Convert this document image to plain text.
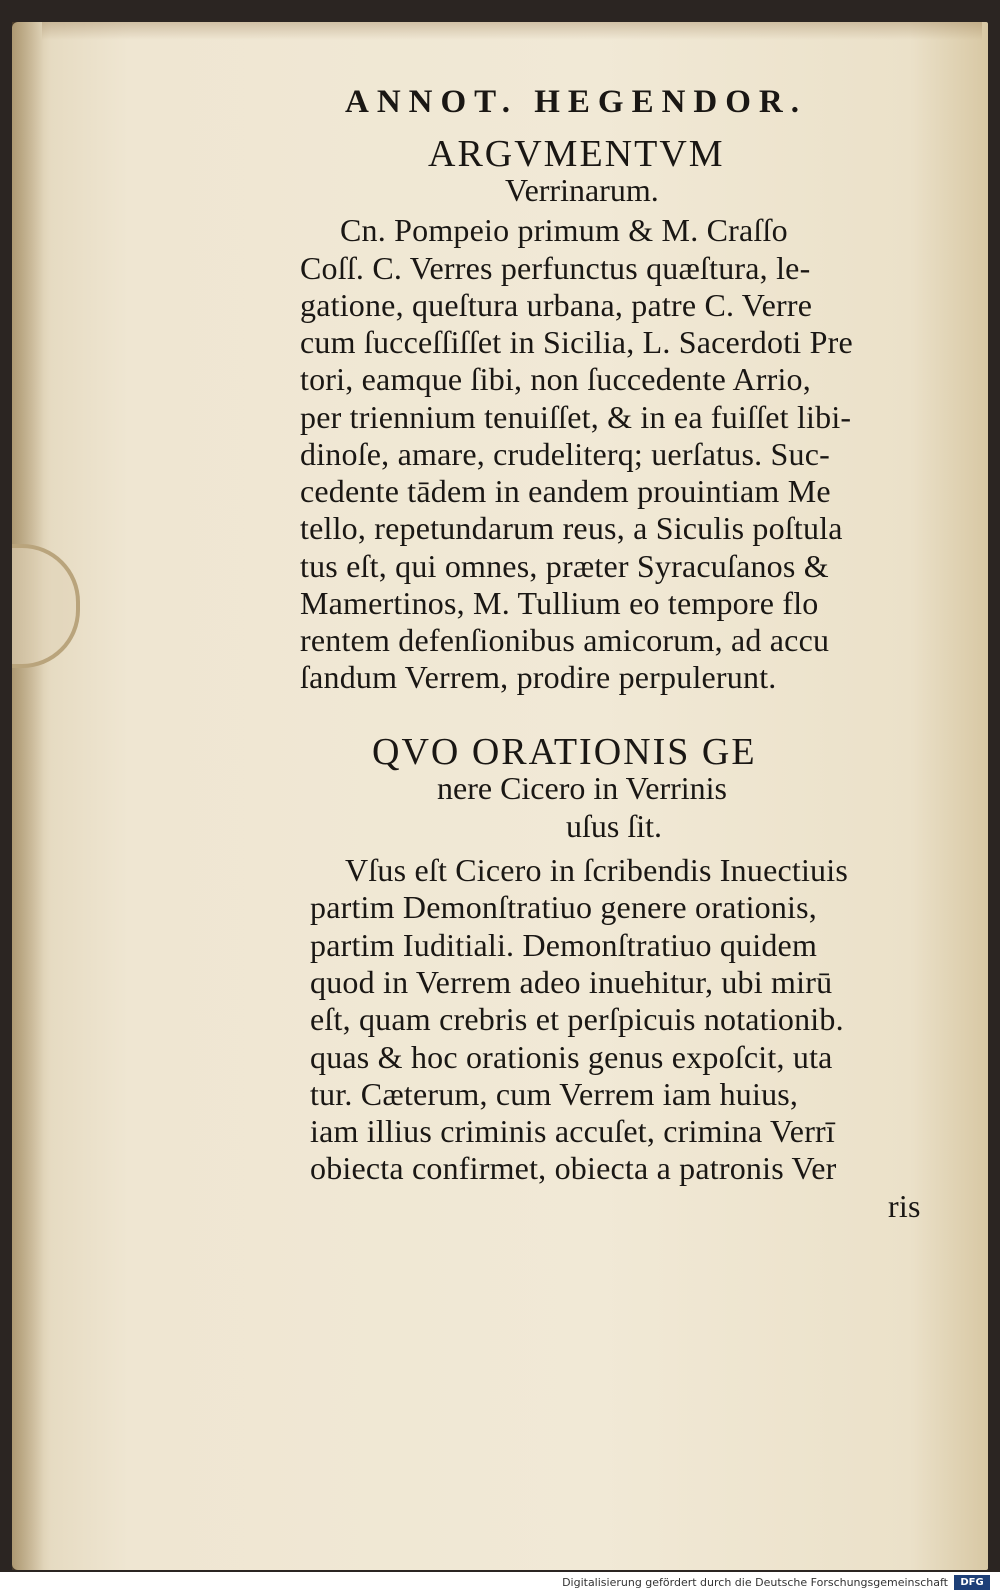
ANNOT. HEGENDOR.
ARGVMENTVM
Verrinarum.
Cn. Pompeio primum & M. Craſſo
Coſſ. C. Verres perfunctus quæſtura, le-
gatione, queſtura urbana, patre C. Verre
cum ſucceſſiſſet in Sicilia, L. Sacerdoti Pre
tori, eamque ſibi, non ſuccedente Arrio,
per triennium tenuiſſet, & in ea fuiſſet libi-
dinoſe, amare, crudeliterq; uerſatus. Suc-
cedente tādem in eandem prouintiam Me
tello, repetundarum reus, a Siculis poſtula
tus eſt, qui omnes, præter Syracuſanos &
Mamertinos, M. Tullium eo tempore flo
rentem defenſionibus amicorum, ad accu
ſandum Verrem, prodire perpulerunt.
QVO ORATIONIS GE
nere Cicero in Verrinis
uſus ſit.
Vſus eſt Cicero in ſcribendis Inuectiuis
partim Demonſtratiuo genere orationis,
partim Iuditiali. Demonſtratiuo quidem
quod in Verrem adeo inuehitur, ubi mirū
eſt, quam crebris et perſpicuis notationib.
quas & hoc orationis genus expoſcit, uta
tur. Cæterum, cum Verrem iam huius,
iam illius criminis accuſet, crimina Verrī
obiecta confirmet, obiecta a patronis Ver
ris
Digitalisierung gefördert durch die Deutsche Forschungsgemeinschaft	DFG
